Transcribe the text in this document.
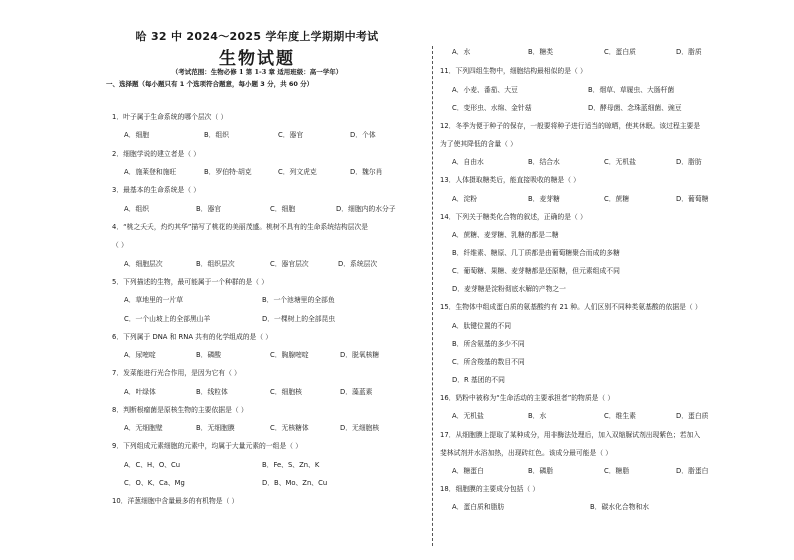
哈 32 中 2024～2025 学年度上学期期中考试
生物试题
（考试范围：生物必修 1 第 1-3 章 适用班级：高一学年）
一、选择题（每小题只有 1 个选项符合题意，每小题 3 分，共 60 分）
1．叶子属于生命系统的哪个层次（ ）
A．细胞	B．组织	C．器官	D．个体
2．细胞学说的建立者是（ ）
A．施莱登和施旺	B．罗伯特·胡克	C．列文虎克	D．魏尔肖
3．最基本的生命系统是（ ）
A．组织	B．器官	C．细胞	D．细胞内的水分子
4．“桃之夭夭，灼灼其华”描写了桃花的美丽茂盛。桃树不具有的生命系统结构层次是
（ ）
A．细胞层次	B．组织层次	C．器官层次	D．系统层次
5．下列描述的生物，最可能属于一个种群的是（ ）
A．草地里的一片草	B．一个池塘里的全部鱼
C．一个山坡上的全部黑山羊	D．一棵树上的全部昆虫
6．下列属于 DNA 和 RNA 共有的化学组成的是（ ）
A．尿嘧啶	B．磷酸	C．胸腺嘧啶	D．脱氧核糖
7．发菜能进行光合作用，是因为它有（ ）
A．叶绿体	B．线粒体	C．细胞核	D．藻蓝素
8．判断根瘤菌是原核生物的主要依据是（ ）
A．无细胞壁	B．无细胞膜	C．无核糖体	D．无细胞核
9．下列组成元素细胞的元素中，均属于大量元素的一组是（ ）
A．C、H、O、Cu	B．Fe、S、Zn、K
C．O、K、Ca、Mg	D．B、Mo、Zn、Cu
10．洋葱细胞中含量最多的有机物是（ ）
A．水	B．糖类	C．蛋白质	D．脂质
11．下列四组生物中，细胞结构最相似的是（ ）
A．小麦、番茄、大豆	B．烟草、草履虫、大肠杆菌
C．变形虫、水绵、金针菇	D．酵母菌、念珠蓝细菌、豌豆
12．冬季为便于种子的保存，一般要将种子进行适当的晾晒，使其休眠。该过程主要是
为了使其降低的含量（ ）
A．自由水	B．结合水	C．无机盐	D．脂肪
13．人体摄取糖类后，能直接吸收的糖是（ ）
A．淀粉	B．麦芽糖	C．蔗糖	D．葡萄糖
14．下列关于糖类化合物的叙述，正确的是（ ）
A．蔗糖、麦芽糖、乳糖的都是二糖
B．纤维素、糖原、几丁质都是由葡萄糖聚合而成的多糖
C．葡萄糖、果糖、麦芽糖都是还原糖，但元素组成不同
D．麦芽糖是淀粉彻底水解的产物之一
15．生物体中组成蛋白质的氨基酸约有 21 种。人们区别不同种类氨基酸的依据是（ ）
A．肽键位置的不同
B．所含氨基的多少不同
C．所含羧基的数目不同
D．R 基团的不同
16．奶粉中被称为“生命活动的主要承担者”的物质是（ ）
A．无机盐	B．水	C．维生素	D．蛋白质
17．从细胞膜上提取了某种成分，用非酶法处理后，加入双缩脲试剂出现紫色；若加入
斐林试剂并水浴加热，出现砖红色。该成分最可能是（ ）
A．糖蛋白	B．磷脂	C．糖脂	D．脂蛋白
18．细胞膜的主要成分包括（ ）
A．蛋白质和脂肪	B．碳水化合物和水
